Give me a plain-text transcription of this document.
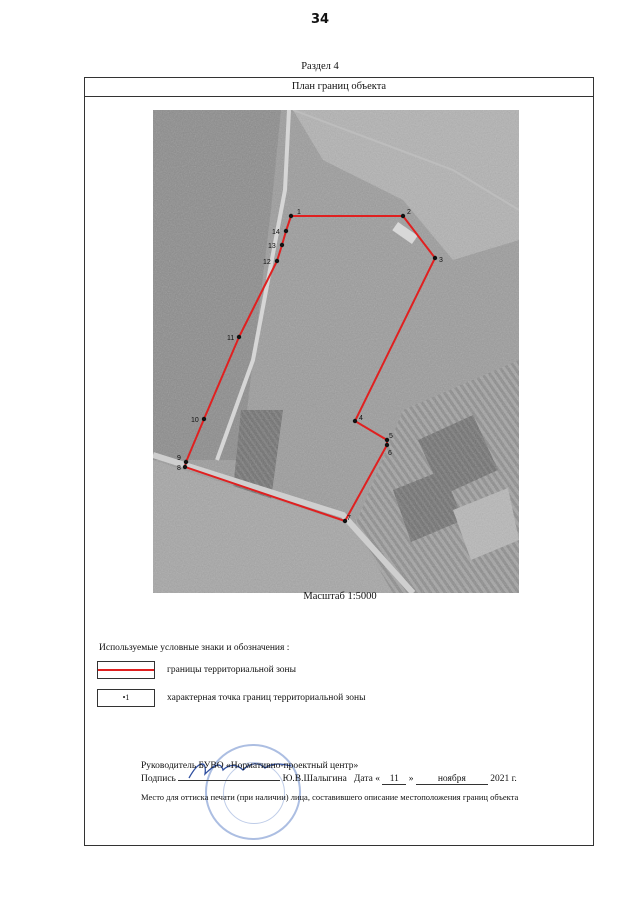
34
Раздел 4
План границ объекта
1	2
3
4
5
6
7
8
9
10
11
12
13
14
Масштаб 1:5000
Используемые условные знаки и обозначения :
границы территориальной зоны
•1	характерная точка границ территориальной зоны
Руководитель БУВО «Нормативно-проектный центр»
Подпись	Ю.В.Шалыгина Дата « 11 »	ноября	2021 г.
Место для оттиска печати (при наличии) лица, составившего описание местоположения границ объекта
